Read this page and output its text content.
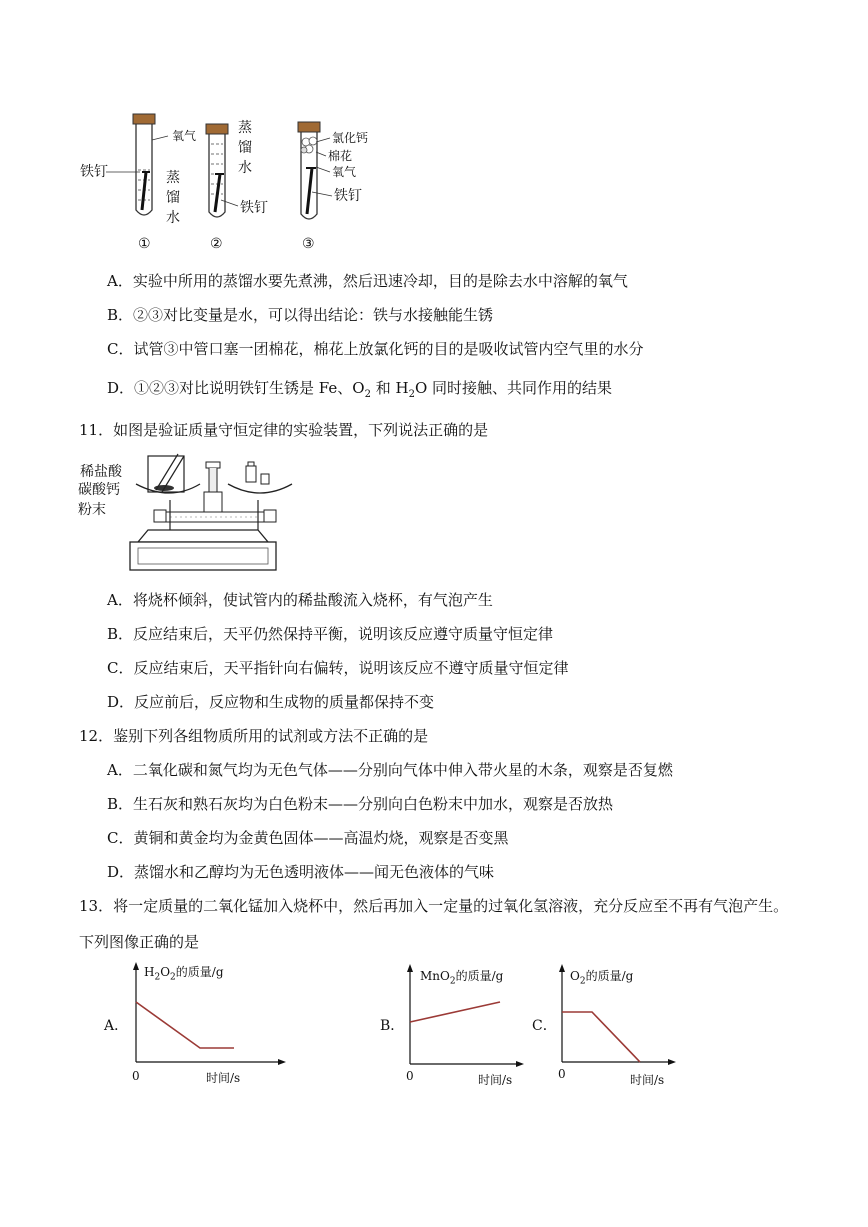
氧气
铁钉	蒸
馏
水
蒸
馏
水
铁钉
氯化钙
棉花
氧气
铁钉
①	②	③
A．实验中所用的蒸馏水要先煮沸，然后迅速冷却，目的是除去水中溶解的氧气
B．②③对比变量是水，可以得出结论：铁与水接触能生锈
C．试管③中管口塞一团棉花，棉花上放氯化钙的目的是吸收试管内空气里的水分
D．①②③对比说明铁钉生锈是 Fe、$O_2$ 和 $H_2O$ 同时接触、共同作用的结果
11．如图是验证质量守恒定律的实验装置，下列说法正确的是
稀盐酸
碳酸钙
粉末
A．将烧杯倾斜，使试管内的稀盐酸流入烧杯，有气泡产生
B．反应结束后，天平仍然保持平衡，说明该反应遵守质量守恒定律
C．反应结束后，天平指针向右偏转，说明该反应不遵守质量守恒定律
D．反应前后，反应物和生成物的质量都保持不变
12．鉴别下列各组物质所用的试剂或方法不正确的是
A．二氧化碳和氮气均为无色气体——分别向气体中伸入带火星的木条，观察是否复燃
B．生石灰和熟石灰均为白色粉末——分别向白色粉末中加水，观察是否放热
C．黄铜和黄金均为金黄色固体——高温灼烧，观察是否变黑
D．蒸馏水和乙醇均为无色透明液体——闻无色液体的气味
13．将一定质量的二氧化锰加入烧杯中，然后再加入一定量的过氧化氢溶液，充分反应至不再有气泡产生。
下列图像正确的是
A．
$H_2O_2$的质量/g
0	时间/s
B．
MnO$_2$的质量/g
0	时间/s
C．
$O_2$的质量/g
0	时间/s
